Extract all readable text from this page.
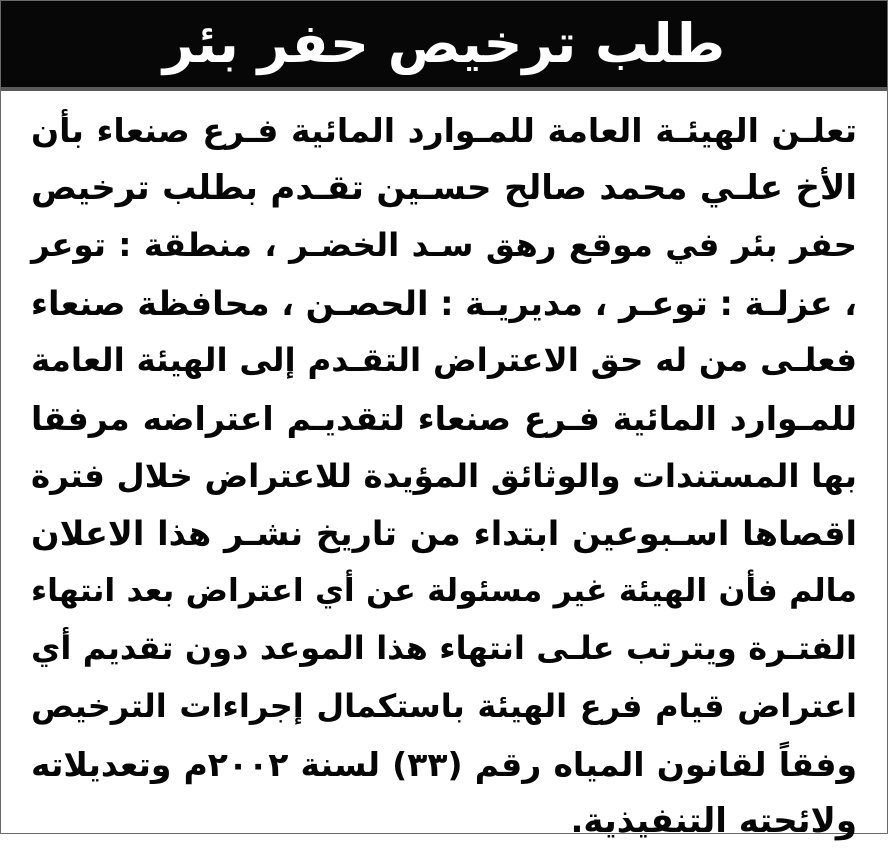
طلب ترخيص حفر بئر
تعلـن الهيئـة العامة للمـوارد المائية فـرع صنعاء بأن
الأخ علـي محمد صالح حسـين تقـدم بطلب ترخيص
حفر بئر في موقع رهق سـد الخضـر ، منطقة : توعر
، عزلـة : توعـر ، مديريـة : الحصـن ، محافظة صنعاء
فعلـى من له حق الاعتراض التقـدم إلى الهيئة العامة
للمـوارد المائية فـرع صنعاء لتقديـم اعتراضه مرفقا
بها المستندات والوثائق المؤيدة للاعتراض خلال فترة
اقصاها اسـبوعين ابتداء من تاريخ نشـر هذا الاعلان
مالم فأن الهيئة غير مسئولة عن أي اعتراض بعد انتهاء
الفتـرة ويترتب علـى انتهاء هذا الموعد دون تقديم أي
اعتراض قيام فرع الهيئة باستكمال إجراءات الترخيص
وفقاً لقانون المياه رقم (٣٣) لسنة ٢٠٠٢م وتعديلاته
ولائحته التنفيذية.
